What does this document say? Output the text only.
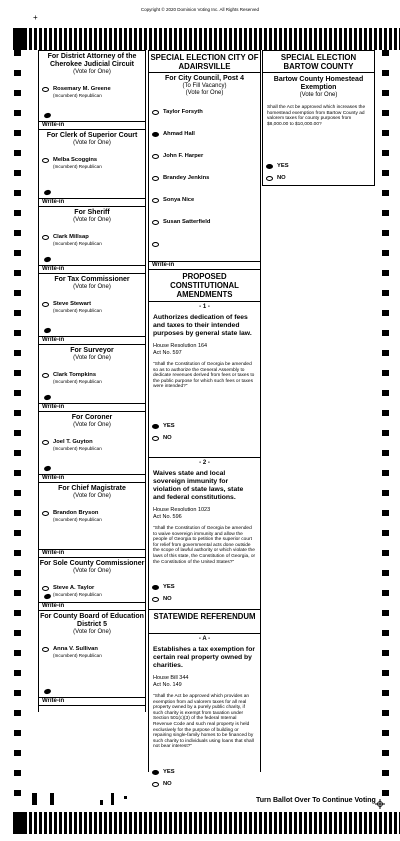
Copyright © 2020 Dominion Voting Inc. All Rights Reserved
+
For District Attorney of the Cherokee Judicial Circuit
(Vote for One)
Rosemary M. Greene
(Incumbent) Republican
Write-in
For Clerk of Superior Court
(Vote for One)
Melba Scoggins
(Incumbent) Republican
Write-in
For Sheriff
(Vote for One)
Clark Millsap
(Incumbent) Republican
Write-in
For Tax Commissioner
(Vote for One)
Steve Stewart
(Incumbent) Republican
Write-in
For Surveyor
(Vote for One)
Clark Tompkins
(Incumbent) Republican
Write-in
For Coroner
(Vote for One)
Joel T. Guyton
(Incumbent) Republican
Write-in
For Chief Magistrate
(Vote for One)
Brandon Bryson
(Incumbent) Republican
Write-in
For Sole County Commissioner
(Vote for One)
Steve A. Taylor
(Incumbent) Republican
Write-in
For County Board of Education District 5
(Vote for One)
Anna V. Sullivan
(Incumbent) Republican
Write-in
SPECIAL ELECTION CITY OF ADAIRSVILLE
For City Council, Post 4
(To Fill Vacancy)
(Vote for One)
Taylor Forsyth
Ahmad Hall
John F. Harper
Brandey Jenkins
Sonya Nice
Susan Satterfield
Write-in
PROPOSED CONSTITUTIONAL AMENDMENTS
- 1 -
Authorizes dedication of fees and taxes to their intended purposes by general state law.
House Resolution 164
Act No. 597
"Shall the Constitution of Georgia be amended so as to authorize the General Assembly to dedicate revenues derived from fees or taxes to the public purpose for which such fees or taxes were intended?"
YES
NO
- 2 -
Waives state and local sovereign immunity for violation of state laws, state and federal constitutions.
House Resolution 1023
Act No. 596
"Shall the Constitution of Georgia be amended to waive sovereign immunity and allow the people of Georgia to petition the superior court for relief from governmental acts done outside the scope of lawful authority or which violate the laws of this state, the Constitution of Georgia, or the Constitution of the United States?"
YES
NO
STATEWIDE REFERENDUM
- A -
Establishes a tax exemption for certain real property owned by charities.
House Bill 344
Act No. 149
"Shall the Act be approved which provides an exemption from ad valorem taxes for all real property owned by a purely public charity, if such charity is exempt from taxation under Section 501(c)(3) of the federal Internal Revenue Code and such real property is held exclusively for the purpose of building or repairing single-family homes to be financed by such charity to individuals using loans that shall not bear interest?"
YES
NO
SPECIAL ELECTION BARTOW COUNTY
Bartow County Homestead Exemption
(Vote for One)
Shall the Act be approved which increases the homestead exemption from Bartow County ad valorem taxes for county purposes from $8,000.00 to $10,000.00?
YES
NO
Turn Ballot Over To Continue Voting
